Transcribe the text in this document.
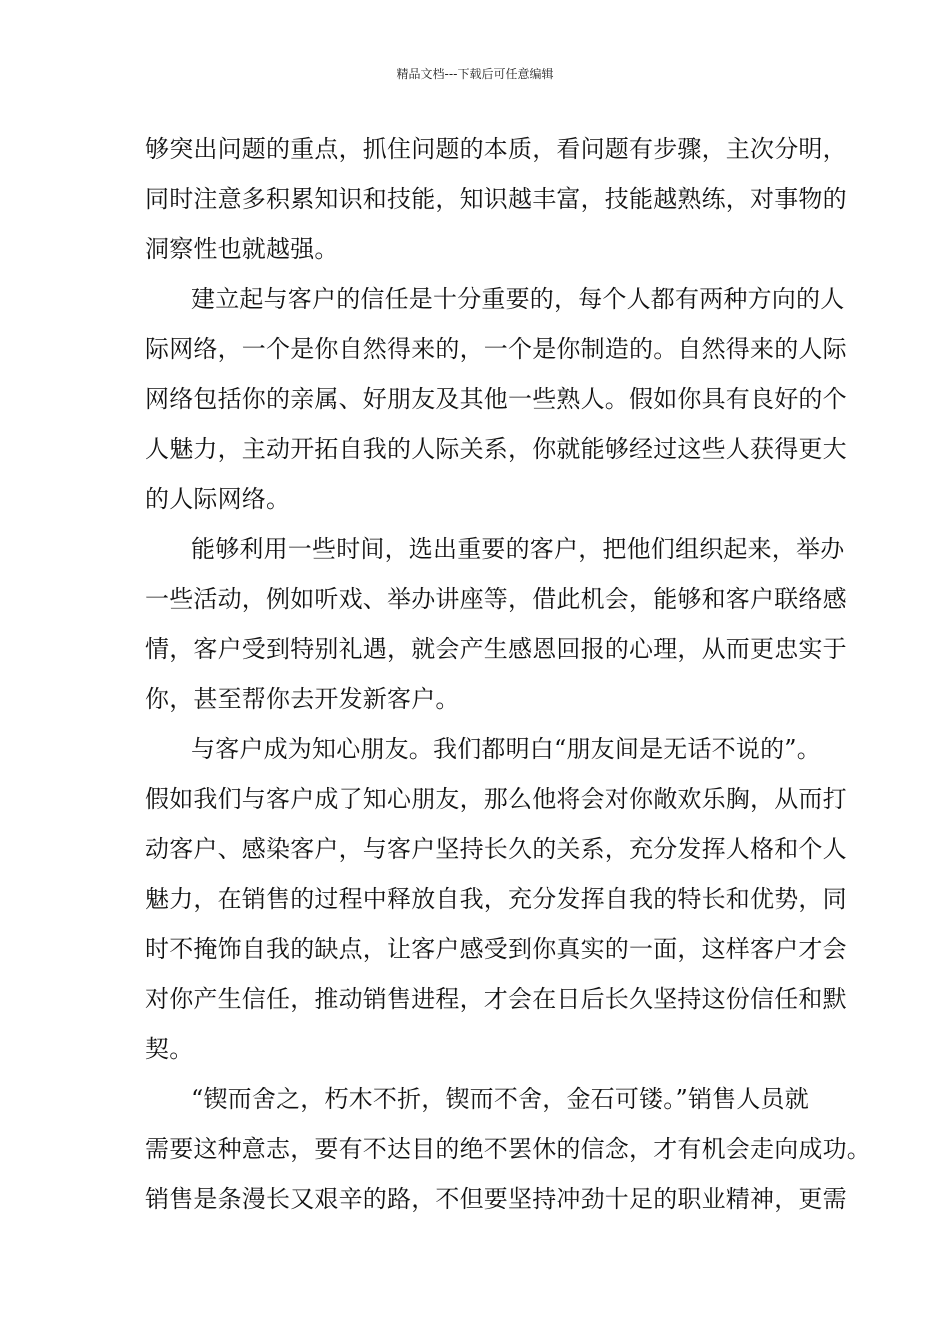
精品文档---下载后可任意编辑
够突出问题的重点，抓住问题的本质，看问题有步骤，主次分明，
同时注意多积累知识和技能，知识越丰富，技能越熟练，对事物的
洞察性也就越强。
建立起与客户的信任是十分重要的，每个人都有两种方向的人
际网络，一个是你自然得来的，一个是你制造的。自然得来的人际
网络包括你的亲属、好朋友及其他一些熟人。假如你具有良好的个
人魅力，主动开拓自我的人际关系，你就能够经过这些人获得更大
的人际网络。
能够利用一些时间，选出重要的客户，把他们组织起来，举办
一些活动，例如听戏、举办讲座等，借此机会，能够和客户联络感
情，客户受到特别礼遇，就会产生感恩回报的心理，从而更忠实于
你，甚至帮你去开发新客户。
与客户成为知心朋友。我们都明白“朋友间是无话不说的”。
假如我们与客户成了知心朋友，那么他将会对你敞欢乐胸，从而打
动客户、感染客户，与客户坚持长久的关系，充分发挥人格和个人
魅力，在销售的过程中释放自我，充分发挥自我的特长和优势，同
时不掩饰自我的缺点，让客户感受到你真实的一面，这样客户才会
对你产生信任，推动销售进程，才会在日后长久坚持这份信任和默
契。
“锲而舍之，朽木不折，锲而不舍，金石可镂。”销售人员就
需要这种意志，要有不达目的绝不罢休的信念，才有机会走向成功。
销售是条漫长又艰辛的路，不但要坚持冲劲十足的职业精神，更需
